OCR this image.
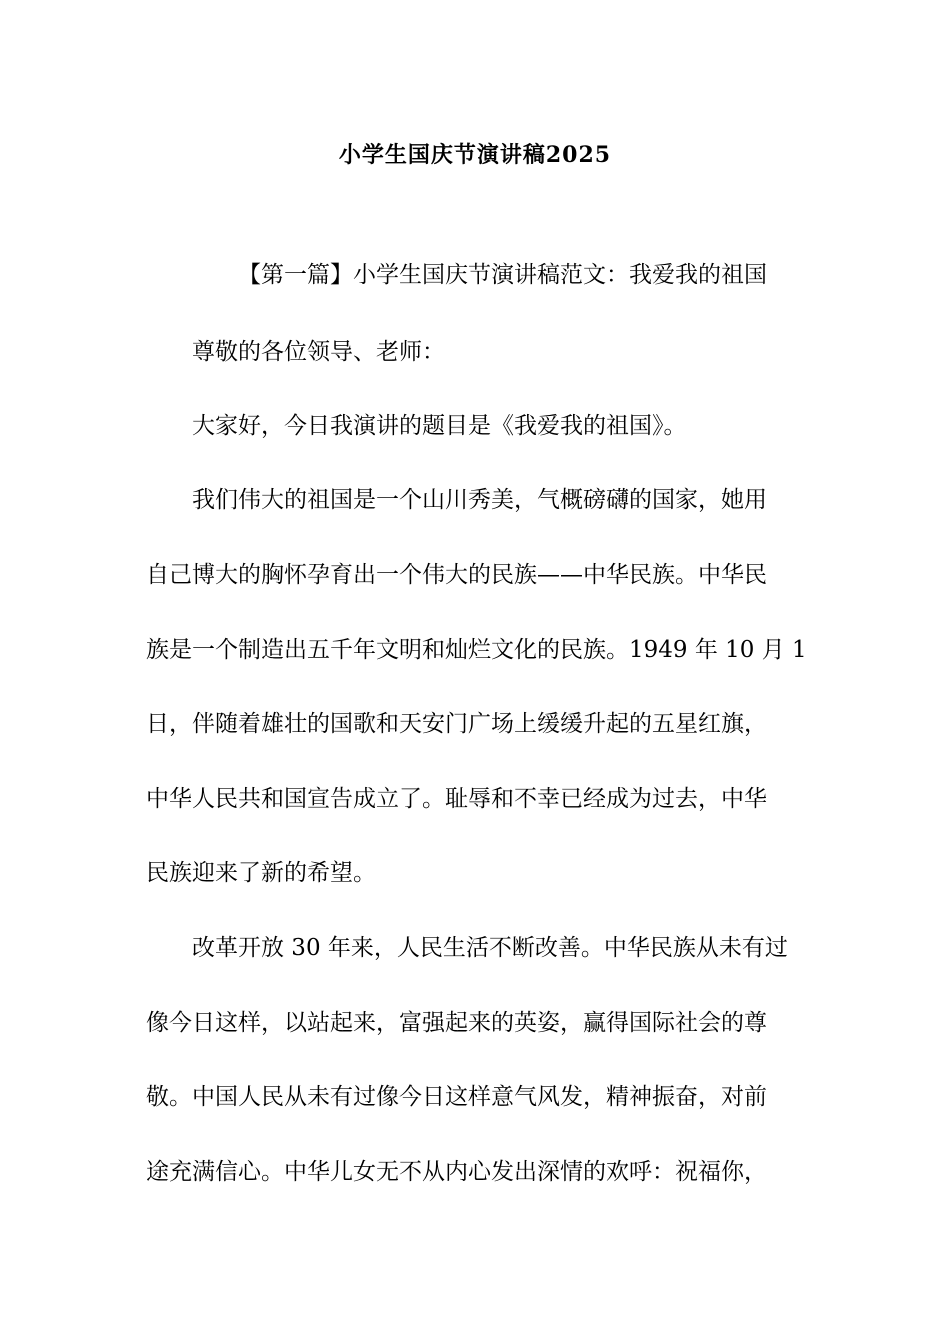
小学生国庆节演讲稿2025
【第一篇】小学生国庆节演讲稿范文：我爱我的祖国
尊敬的各位领导、老师：
大家好，今日我演讲的题目是《我爱我的祖国》。
我们伟大的祖国是一个山川秀美，气概磅礴的国家，她用
自己博大的胸怀孕育出一个伟大的民族——中华民族。中华民
族是一个制造出五千年文明和灿烂文化的民族。1949 年 10 月 1
日，伴随着雄壮的国歌和天安门广场上缓缓升起的五星红旗，
中华人民共和国宣告成立了。耻辱和不幸已经成为过去，中华
民族迎来了新的希望。
改革开放 30 年来，人民生活不断改善。中华民族从未有过
像今日这样，以站起来，富强起来的英姿，赢得国际社会的尊
敬。中国人民从未有过像今日这样意气风发，精神振奋，对前
途充满信心。中华儿女无不从内心发出深情的欢呼：祝福你，
